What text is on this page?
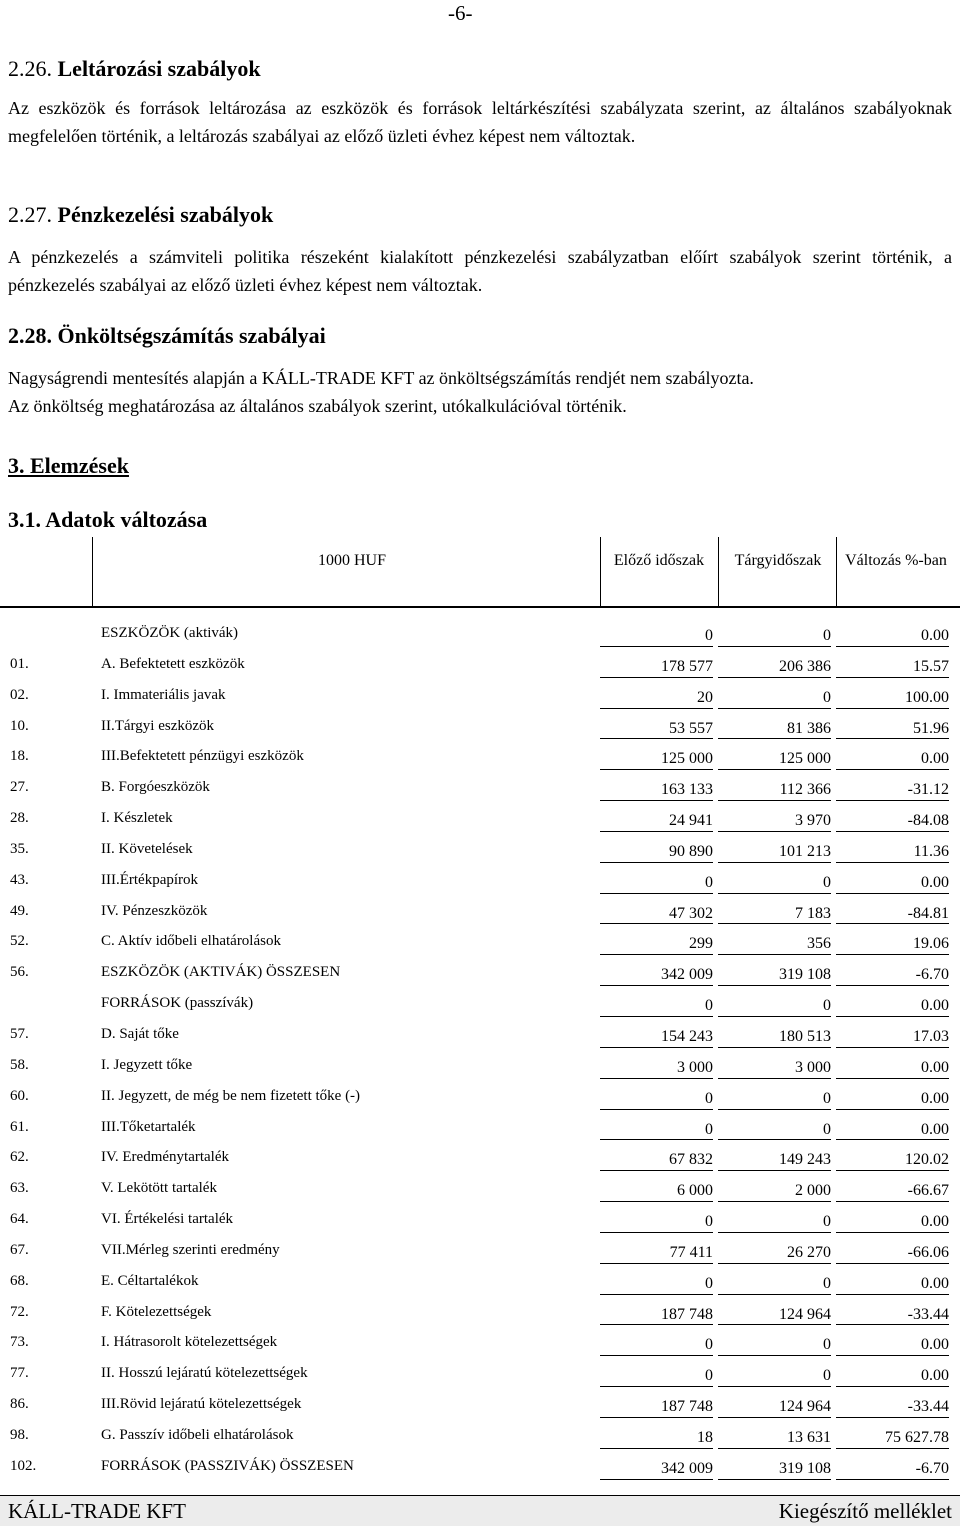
-6-
2.26. Leltározási szabályok
Az eszközök és források leltározása az eszközök és források leltárkészítési szabályzata szerint, az általános szabályoknak megfelelően történik, a leltározás szabályai az előző üzleti évhez képest nem változtak.
2.27. Pénzkezelési szabályok
A pénzkezelés a számviteli politika részeként kialakított pénzkezelési szabályzatban előírt szabályok szerint történik, a pénzkezelés szabályai az előző üzleti évhez képest nem változtak.
2.28. Önköltségszámítás szabályai
Nagyságrendi mentesítés alapján a KÁLL-TRADE KFT az önköltségszámítás rendjét nem szabályozta.
Az önköltség meghatározása az általános szabályok szerint, utókalkulációval történik.
3. Elemzések
3.1. Adatok változása
1000 HUF	Előző időszak	Tárgyidőszak	Változás %-ban
ESZKÖZÖK (aktivák)	0	0	0.00
01.	A. Befektetett eszközök	178 577	206 386	15.57
02.	I. Immateriális javak	20	0	100.00
10.	II.Tárgyi eszközök	53 557	81 386	51.96
18.	III.Befektetett pénzügyi eszközök	125 000	125 000	0.00
27.	B. Forgóeszközök	163 133	112 366	-31.12
28.	I. Készletek	24 941	3 970	-84.08
35.	II. Követelések	90 890	101 213	11.36
43.	III.Értékpapírok	0	0	0.00
49.	IV. Pénzeszközök	47 302	7 183	-84.81
52.	C. Aktív időbeli elhatárolások	299	356	19.06
56.	ESZKÖZÖK (AKTIVÁK) ÖSSZESEN	342 009	319 108	-6.70
FORRÁSOK (passzívák)	0	0	0.00
57.	D. Saját tőke	154 243	180 513	17.03
58.	I. Jegyzett tőke	3 000	3 000	0.00
60.	II. Jegyzett, de még be nem fizetett tőke (-)	0	0	0.00
61.	III.Tőketartalék	0	0	0.00
62.	IV. Eredménytartalék	67 832	149 243	120.02
63.	V. Lekötött tartalék	6 000	2 000	-66.67
64.	VI. Értékelési tartalék	0	0	0.00
67.	VII.Mérleg szerinti eredmény	77 411	26 270	-66.06
68.	E. Céltartalékok	0	0	0.00
72.	F. Kötelezettségek	187 748	124 964	-33.44
73.	I. Hátrasorolt kötelezettségek	0	0	0.00
77.	II. Hosszú lejáratú kötelezettségek	0	0	0.00
86.	III.Rövid lejáratú kötelezettségek	187 748	124 964	-33.44
98.	G. Passzív időbeli elhatárolások	18	13 631	75 627.78
102.	FORRÁSOK (PASSZIVÁK) ÖSSZESEN	342 009	319 108	-6.70
KÁLL-TRADE KFT	Kiegészítő melléklet
